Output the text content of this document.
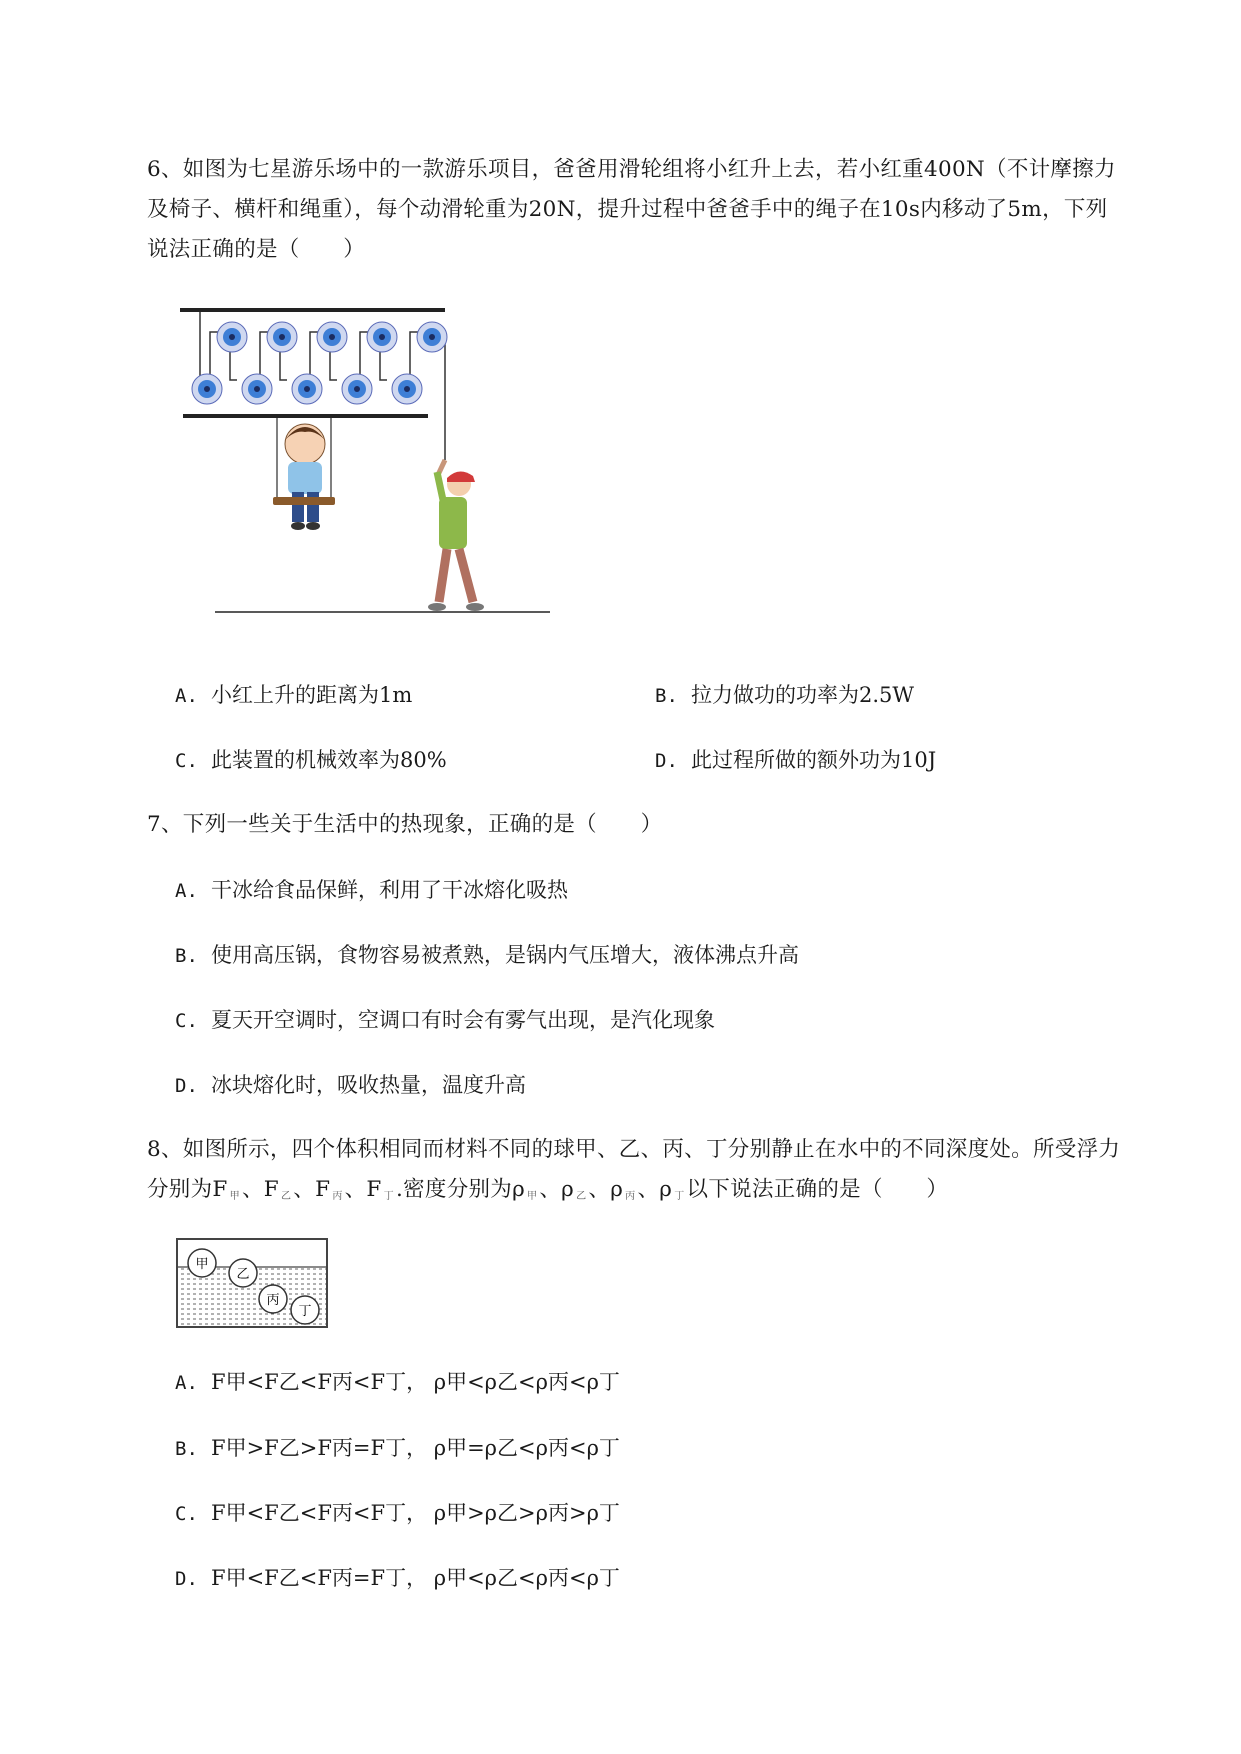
6、如图为七星游乐场中的一款游乐项目，爸爸用滑轮组将小红升上去，若小红重400N（不计摩擦力
及椅子、横杆和绳重），每个动滑轮重为20N，提升过程中爸爸手中的绳子在10s内移动了5m，下列
说法正确的是（　　）
A. 小红上升的距离为1m	B. 拉力做功的功率为2.5W
C. 此装置的机械效率为80%	D. 此过程所做的额外功为10J
7、下列一些关于生活中的热现象，正确的是（　　）
A. 干冰给食品保鲜，利用了干冰熔化吸热
B. 使用高压锅，食物容易被煮熟，是锅内气压增大，液体沸点升高
C. 夏天开空调时，空调口有时会有雾气出现，是汽化现象
D. 冰块熔化时，吸收热量，温度升高
8、如图所示，四个体积相同而材料不同的球甲、乙、丙、丁分别静止在水中的不同深度处。所受浮力
分别为F $_甲$、F $_乙$、F $_丙$、F $_丁$.密度分别为ρ $_甲$、ρ $_乙$、ρ $_丙$、ρ $_丁$以下说法正确的是（　　）
甲
乙
丙
丁
A. F甲<F乙<F丙<F丁， ρ甲<ρ乙<ρ丙<ρ丁
B. F甲>F乙>F丙=F丁， ρ甲=ρ乙<ρ丙<ρ丁
C. F甲<F乙<F丙<F丁， ρ甲>ρ乙>ρ丙>ρ丁
D. F甲<F乙<F丙=F丁， ρ甲<ρ乙<ρ丙<ρ丁
